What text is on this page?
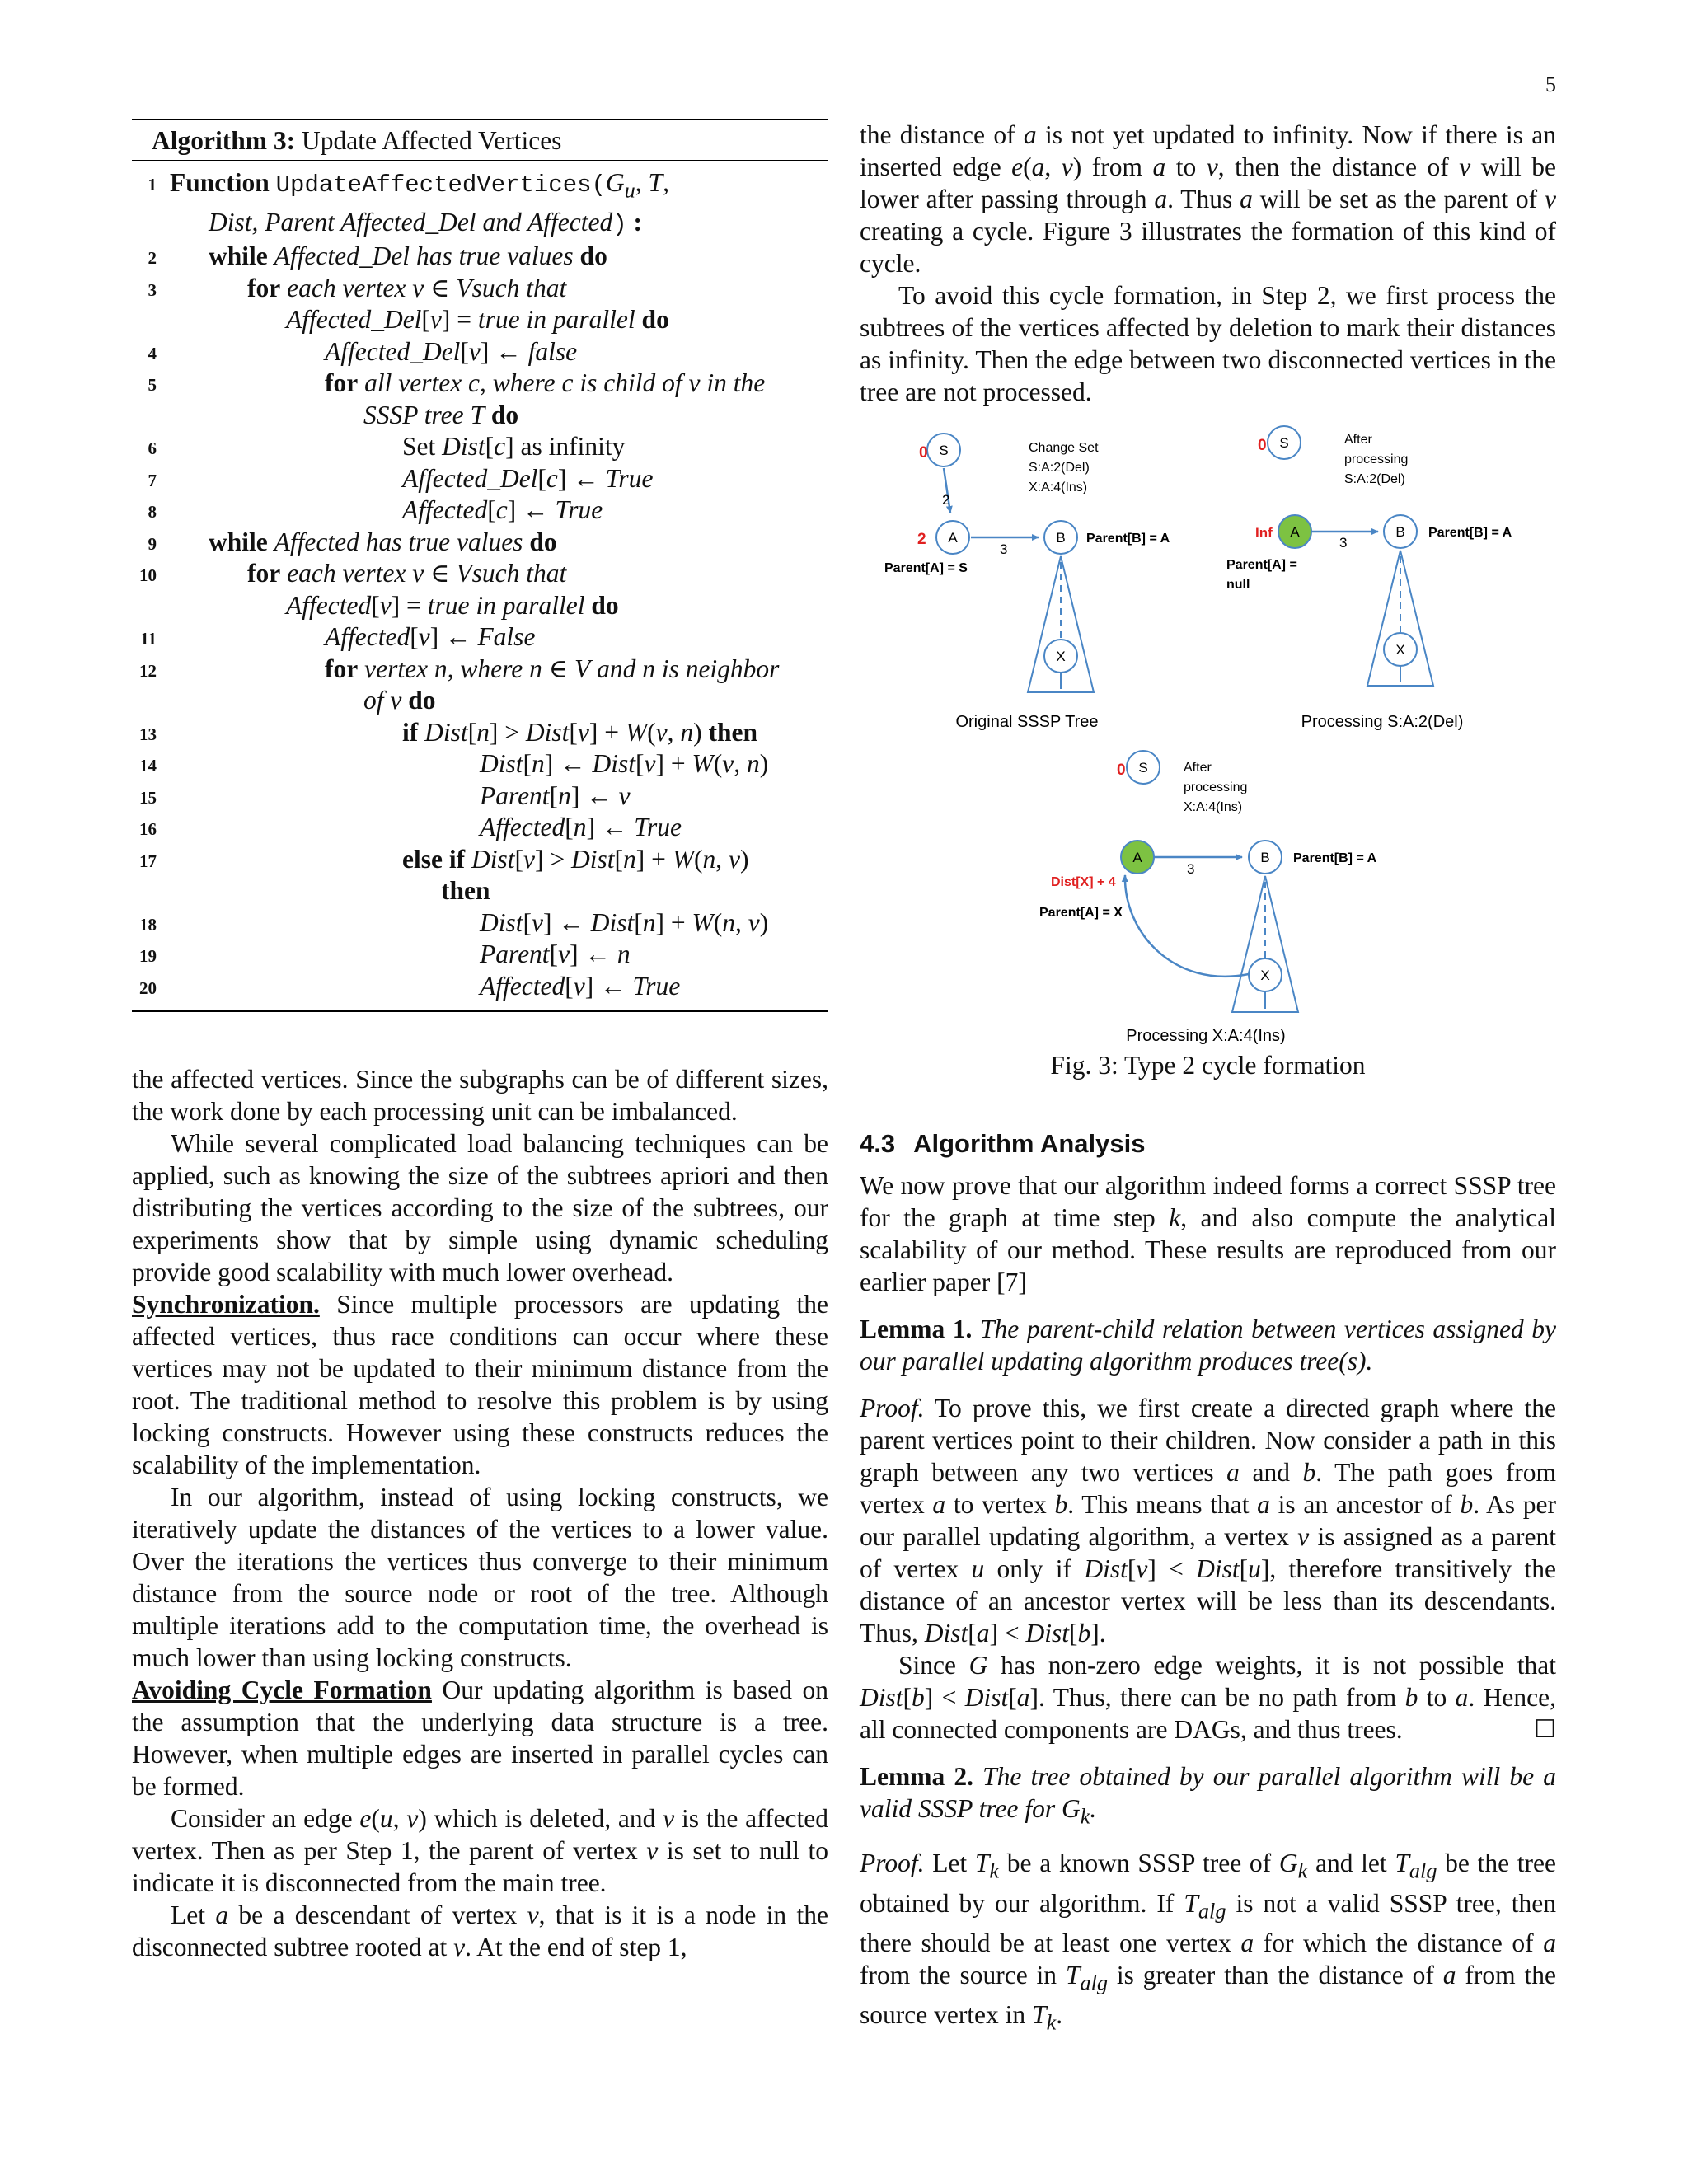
5
Algorithm 3: Update Affected Vertices
1 Function $UpdateAffectedVertices(G_u$, T,
Dist, Parent Affected_Del and Affected) :
2	while Affected_Del has true values do
3	for each vertex v ∈ Vsuch that
Affected_Del[v] = true in parallel do
4	Affected_Del[v] ← false
5	for all vertex c, where c is child of v in the
SSSP tree T do
6	Set Dist[c] as infinity
7	Affected_Del[c] ← True
8	Affected[c] ← True
9	while Affected has true values do
10	for each vertex v ∈ Vsuch that
Affected[v] = true in parallel do
11	Affected[v] ← False
12	for vertex n, where n ∈ V and n is neighbor
of v do
13	if Dist[n] > Dist[v] + W(v, n) then
14	Dist[n] ← Dist[v] + W(v, n)
15	Parent[n] ← v
16	Affected[n] ← True
17	else if Dist[v] > Dist[n] + W(n, v)
then
18	Dist[v] ← Dist[n] + W(n, v)
19	Parent[v] ← n
20	Affected[v] ← True

the affected vertices. Since the subgraphs can be of different sizes, the work done by each processing unit can be imbalanced.

While several complicated load balancing techniques can be applied, such as knowing the size of the subtrees apriori and then distributing the vertices according to the size of the subtrees, our experiments show that by simple using dynamic scheduling provide good scalability with much lower overhead.

Synchronization. Since multiple processors are updating the affected vertices, thus race conditions can occur where these vertices may not be updated to their minimum distance from the root. The traditional method to resolve this problem is by using locking constructs. However using these constructs reduces the scalability of the implementation.

In our algorithm, instead of using locking constructs, we iteratively update the distances of the vertices to a lower value. Over the iterations the vertices thus converge to their minimum distance from the source node or root of the tree. Although multiple iterations add to the computation time, the overhead is much lower than using locking constructs.

Avoiding Cycle Formation Our updating algorithm is based on the assumption that the underlying data structure is a tree. However, when multiple edges are inserted in parallel cycles can be formed.

Consider an edge e(u, v) which is deleted, and v is the affected vertex. Then as per Step 1, the parent of vertex v is set to null to indicate it is disconnected from the main tree.

Let a be a descendant of vertex v, that is it is a node in the disconnected subtree rooted at v. At the end of step 1,

the distance of a is not yet updated to infinity. Now if there is an inserted edge e(a, v) from a to v, then the distance of v will be lower after passing through a. Thus a will be set as the parent of v creating a cycle. Figure 3 illustrates the formation of this kind of cycle.

To avoid this cycle formation, in Step 2, we first process the subtrees of the vertices affected by deletion to mark their distances as infinity. Then the edge between two disconnected vertices in the tree are not processed.

S
A	B
X
0
2
2
3
Parent[B] = A
Parent[A] = S
Change Set
S:A:2(Del)
X:A:4(Ins)
Original SSSP Tree
S
A	B
X
0
Inf
3
Parent[B] = A
Parent[A] =
null
After
processing
S:A:2(Del)
Processing S:A:2(Del)
S
A	B
X
0
Dist[X] + 4
3
Parent[B] = A
Parent[A] = X
After
processing
X:A:4(Ins)
Processing X:A:4(Ins)
Fig. 3: Type 2 cycle formation
4.3 Algorithm Analysis

We now prove that our algorithm indeed forms a correct SSSP tree for the graph at time step k, and also compute the analytical scalability of our method. These results are reproduced from our earlier paper [7]

Lemma 1. The parent-child relation between vertices assigned by our parallel updating algorithm produces tree(s).

Proof. To prove this, we first create a directed graph where the parent vertices point to their children. Now consider a path in this graph between any two vertices a and b. The path goes from vertex a to vertex b. This means that a is an ancestor of b. As per our parallel updating algorithm, a vertex v is assigned as a parent of vertex u only if Dist[v] < Dist[u], therefore transitively the distance of an ancestor vertex will be less than its descendants. Thus, Dist[a] < Dist[b].

Since G has non-zero edge weights, it is not possible that Dist[b] < Dist[a]. Thus, there can be no path from b to a. Hence, all connected components are DAGs, and thus trees.	☐

Lemma 2. The tree obtained by our parallel algorithm will be a valid SSSP tree for $G_k$.

Proof. Let $T_k$ be a known SSSP tree of $G_k$ and let $T_{alg}$ be the tree obtained by our algorithm. If $T_{alg}$ is not a valid SSSP tree, then there should be at least one vertex a for which the distance of a from the source in $T_{alg}$ is greater than the distance of a from the source vertex in $T_k$.
